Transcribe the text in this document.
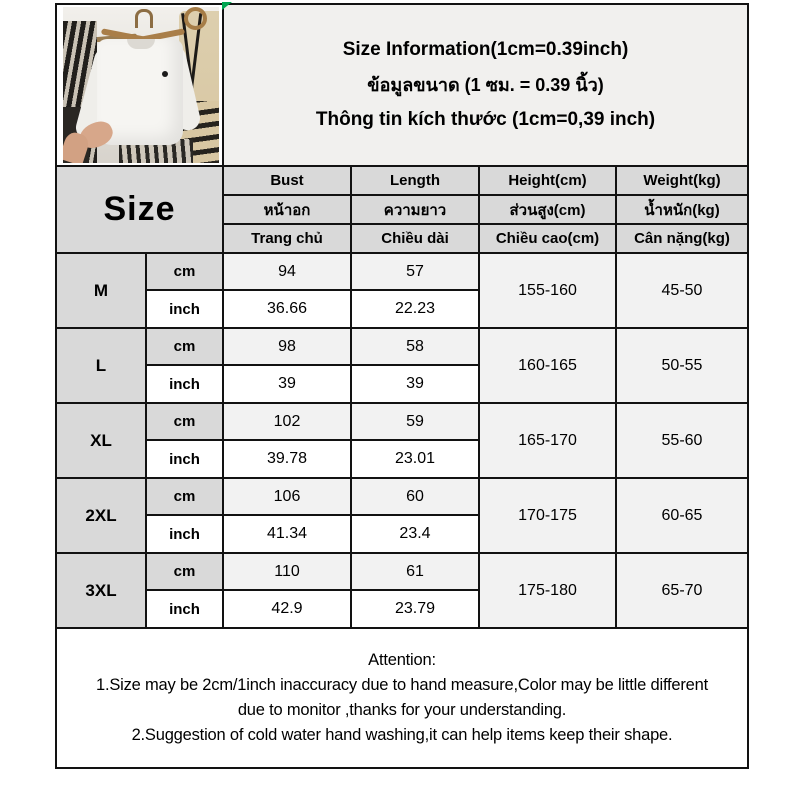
		Size Information(1cm=0.39inch)
ข้อมูลขนาด (1 ซม. = 0.39 นิ้ว)
Thông tin kích thước (1cm=0,39 inch)			

Size		Bust	Length	Height(cm)	Weight(kg)
		หน้าอก	ความยาว	ส่วนสูง(cm)	น้ำหนัก(kg)
		Trang chủ	Chiều dài	Chiều cao(cm)	Cân nặng(kg)
M	cm	94	57	155-160	45-50
	inch	36.66	22.23		
L	cm	98	58	160-165	50-55
	inch	39	39		
XL	cm	102	59	165-170	55-60
	inch	39.78	23.01		
2XL	cm	106	60	170-175	60-65
	inch	41.34	23.4		
3XL	cm	110	61	175-180	65-70
	inch	42.9	23.79		

Attention:
1.Size may be 2cm/1inch inaccuracy due to hand measure,Color may be little different
due to monitor ,thanks for your understanding.
2.Suggestion of cold water hand washing,it can help items keep their shape.					
